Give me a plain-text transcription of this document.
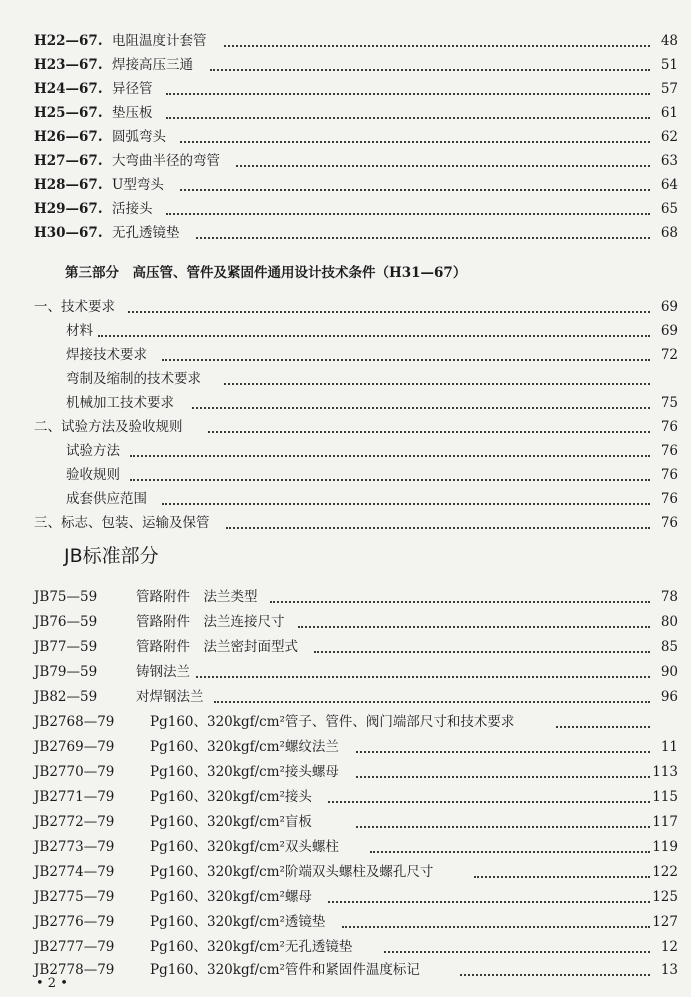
H22—67. 电阻温度计套管	48
H23—67. 焊接高压三通	51
H24—67. 异径管	57
H25—67. 垫压板	61
H26—67. 圆弧弯头	62
H27—67. 大弯曲半径的弯管	63
H28—67. U型弯头	64
H29—67. 活接头	65
H30—67. 无孔透镜垫	68
第三部分　高压管、管件及紧固件通用设计技术条件（H31—67）
一、技术要求	69
材料	69
焊接技术要求	72
弯制及缩制的技术要求
机械加工技术要求	75
二、试验方法及验收规则	76
试验方法	76
验收规则	76
成套供应范围	76
三、标志、包装、运输及保管	76
JB标准部分
JB75—59	管路附件　法兰类型	78
JB76—59	管路附件　法兰连接尺寸	80
JB77—59	管路附件　法兰密封面型式	85
JB79—59	铸钢法兰	90
JB82—59	对焊钢法兰	96
JB2768—79	Pg160、320kgf/cm²管子、管件、阀门端部尺寸和技术要求
JB2769—79	Pg160、320kgf/cm²螺纹法兰	11
JB2770—79	Pg160、320kgf/cm²接头螺母	113
JB2771—79	Pg160、320kgf/cm²接头	115
JB2772—79	Pg160、320kgf/cm²盲板	117
JB2773—79	Pg160、320kgf/cm²双头螺柱	119
JB2774—79	Pg160、320kgf/cm²阶端双头螺柱及螺孔尺寸	122
JB2775—79	Pg160、320kgf/cm²螺母	125
JB2776—79	Pg160、320kgf/cm²透镜垫	127
JB2777—79	Pg160、320kgf/cm²无孔透镜垫	12
JB2778—79	Pg160、320kgf/cm²管件和紧固件温度标记	13
• 2 •
